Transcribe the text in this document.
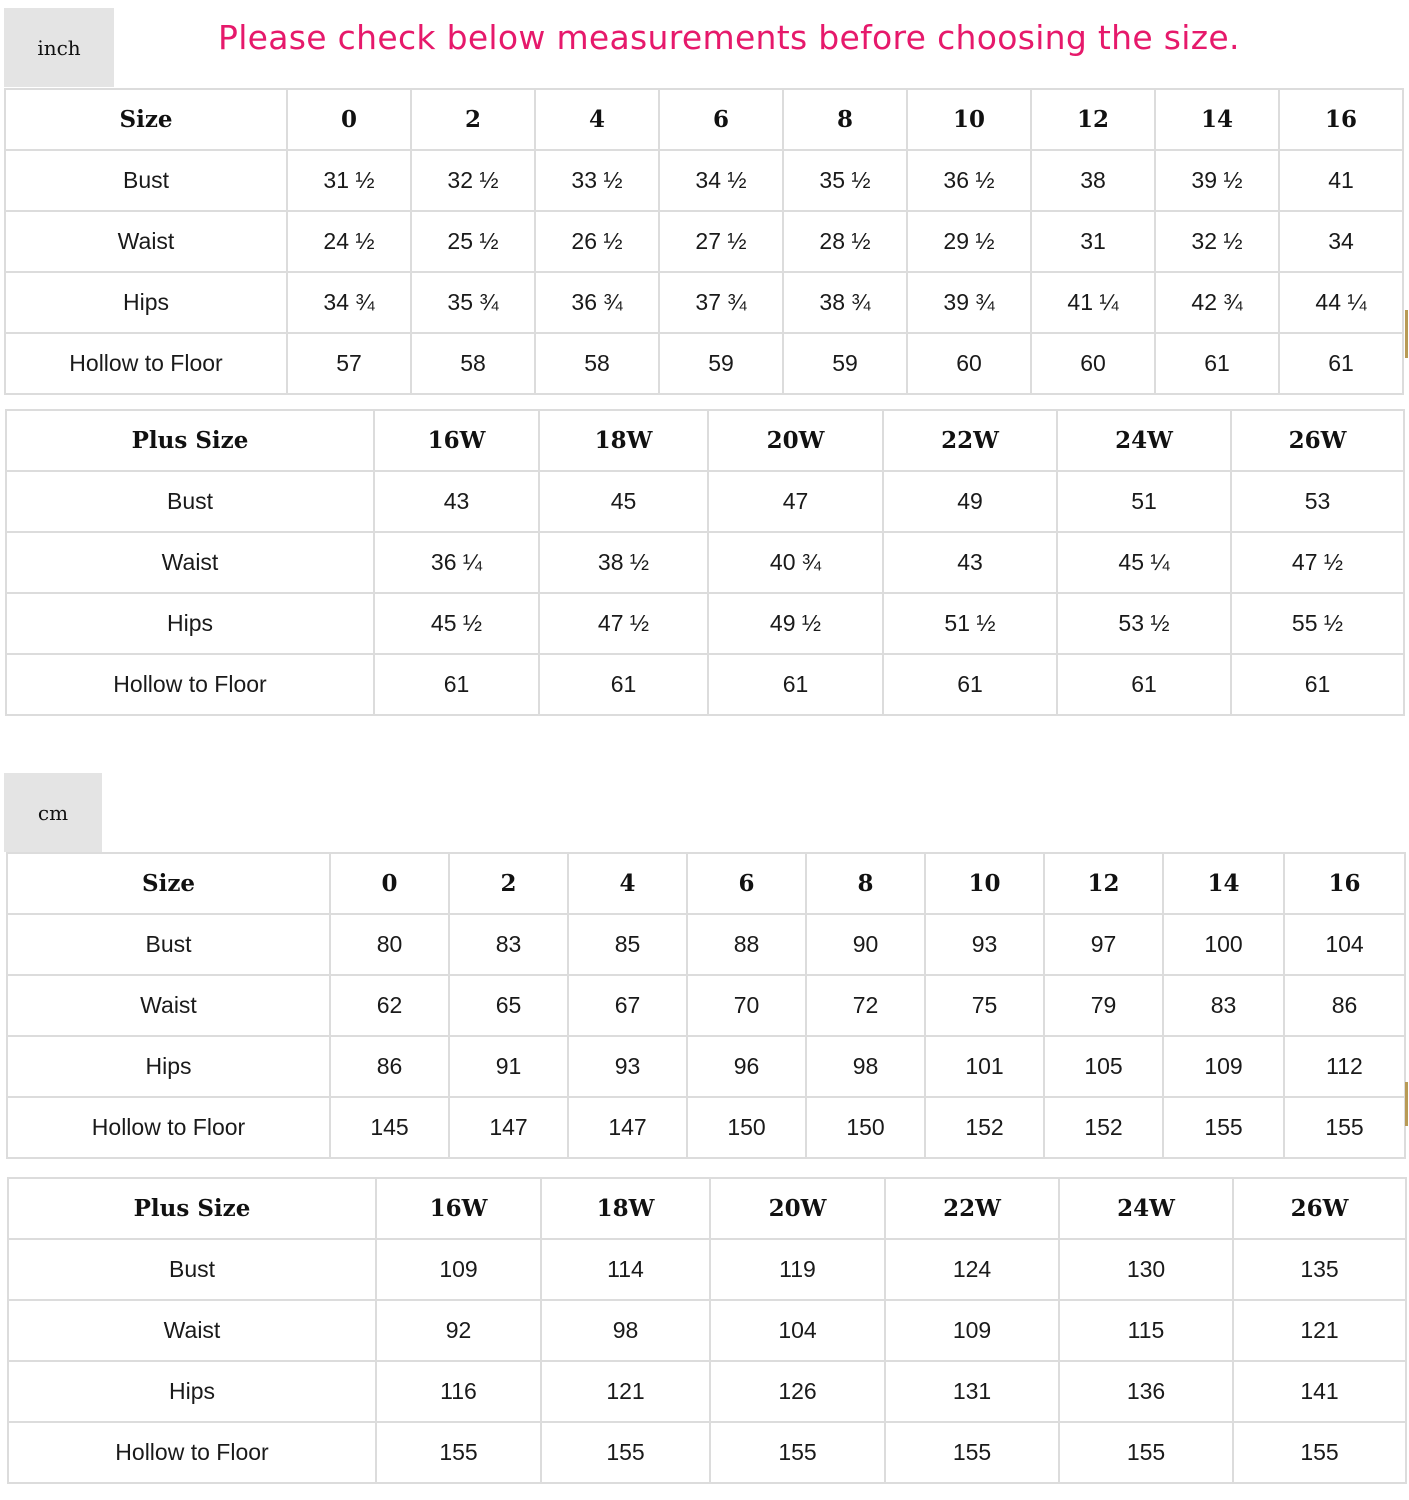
inch	Please check below measurements before choosing the size.
Size	0	2	4	6	8	10	12	14	16
Bust	31 ½	32 ½	33 ½	34 ½	35 ½	36 ½	38	39 ½	41
Waist	24 ½	25 ½	26 ½	27 ½	28 ½	29 ½	31	32 ½	34
Hips	34 ¾	35 ¾	36 ¾	37 ¾	38 ¾	39 ¾	41 ¼	42 ¾	44 ¼
Hollow to Floor	57	58	58	59	59	60	60	61	61
Plus Size	16W	18W	20W	22W	24W	26W
Bust	43	45	47	49	51	53
Waist	36 ¼	38 ½	40 ¾	43	45 ¼	47 ½
Hips	45 ½	47 ½	49 ½	51 ½	53 ½	55 ½
Hollow to Floor	61	61	61	61	61	61
cm
Size	0	2	4	6	8	10	12	14	16
Bust	80	83	85	88	90	93	97	100	104
Waist	62	65	67	70	72	75	79	83	86
Hips	86	91	93	96	98	101	105	109	112
Hollow to Floor	145	147	147	150	150	152	152	155	155
Plus Size	16W	18W	20W	22W	24W	26W
Bust	109	114	119	124	130	135
Waist	92	98	104	109	115	121
Hips	116	121	126	131	136	141
Hollow to Floor	155	155	155	155	155	155
